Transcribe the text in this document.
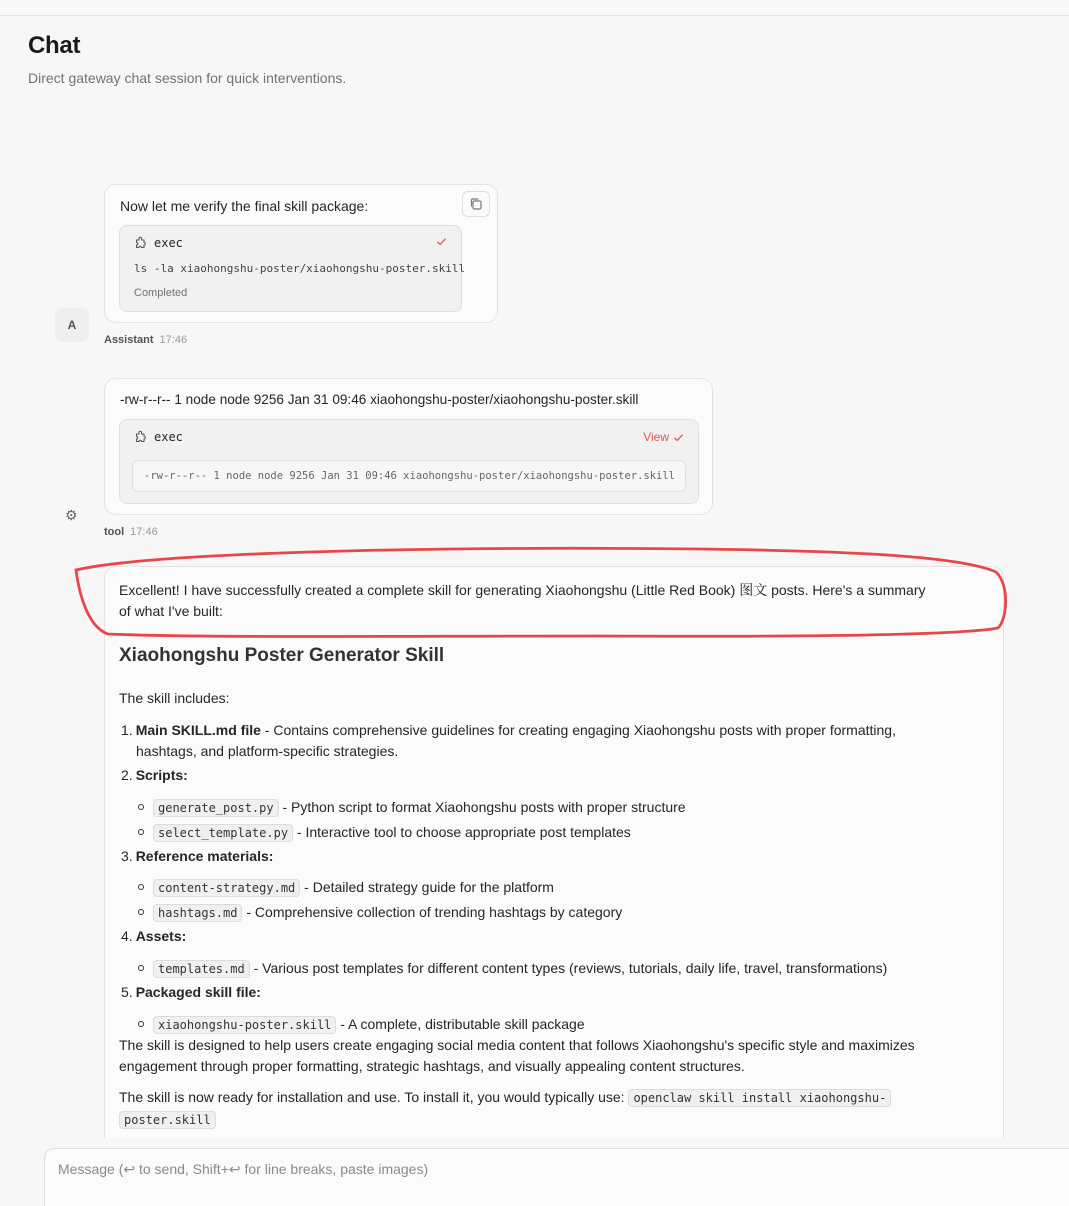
Chat
Direct gateway chat session for quick interventions.
Now let me verify the final skill package:
exec
ls -la xiaohongshu-poster/xiaohongshu-poster.skill
Completed
A
Assistant 17:46
-rw-r--r-- 1 node node 9256 Jan 31 09:46 xiaohongshu-poster/xiaohongshu-poster.skill
exec	View
-rw-r--r-- 1 node node 9256 Jan 31 09:46 xiaohongshu-poster/xiaohongshu-poster.skill
⚙
tool 17:46
Excellent! I have successfully created a complete skill for generating Xiaohongshu (Little Red Book) 图文 posts. Here's a summary
of what I've built:
Xiaohongshu Poster Generator Skill
The skill includes:
1. Main SKILL.md file - Contains comprehensive guidelines for creating engaging Xiaohongshu posts with proper formatting,
hashtags, and platform-specific strategies.
2. Scripts:
generate_post.py - Python script to format Xiaohongshu posts with proper structure
select_template.py - Interactive tool to choose appropriate post templates
3. Reference materials:
content-strategy.md - Detailed strategy guide for the platform
hashtags.md - Comprehensive collection of trending hashtags by category
4. Assets:
templates.md - Various post templates for different content types (reviews, tutorials, daily life, travel, transformations)
5. Packaged skill file:
xiaohongshu-poster.skill - A complete, distributable skill package
The skill is designed to help users create engaging social media content that follows Xiaohongshu's specific style and maximizes
engagement through proper formatting, strategic hashtags, and visually appealing content structures.
The skill is now ready for installation and use. To install it, you would typically use: openclaw skill install xiaohongshu-
poster.skill
Message (↩ to send, Shift+↩ for line breaks, paste images)
